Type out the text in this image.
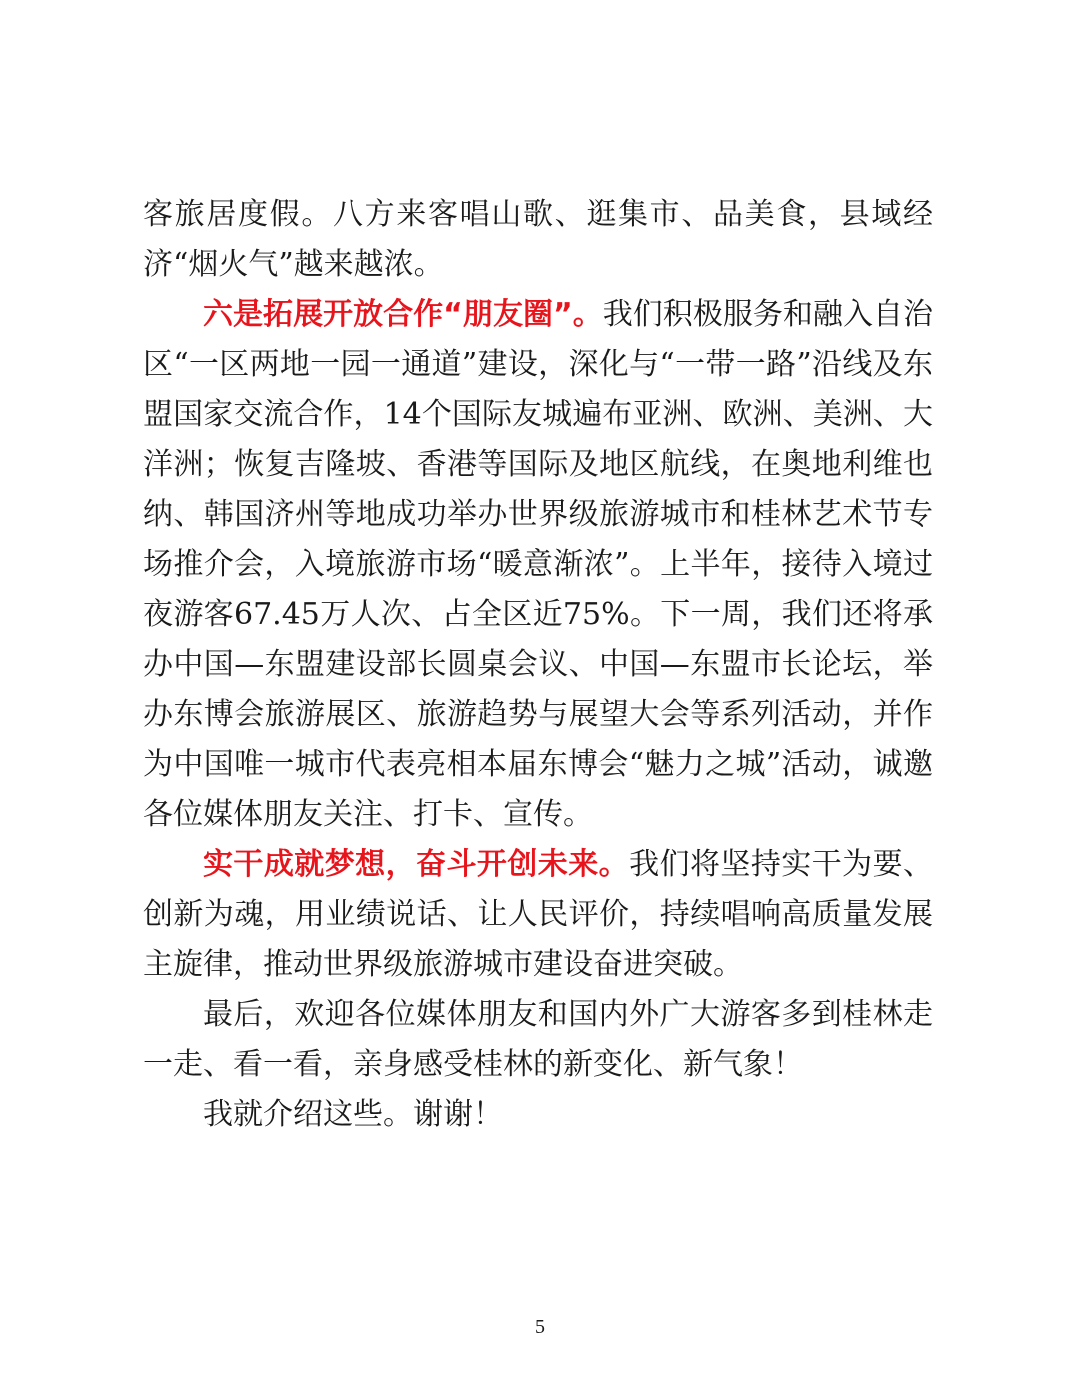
客旅居度假。八方来客唱山歌、逛集市、品美食，县域经济“烟火气”越来越浓。

六是拓展开放合作“朋友圈”。我们积极服务和融入自治区“一区两地一园一通道”建设，深化与“一带一路”沿线及东盟国家交流合作，14个国际友城遍布亚洲、欧洲、美洲、大洋洲；恢复吉隆坡、香港等国际及地区航线，在奥地利维也纳、韩国济州等地成功举办世界级旅游城市和桂林艺术节专场推介会，入境旅游市场“暖意渐浓”。上半年，接待入境过夜游客67.45万人次、占全区近75%。下一周，我们还将承办中国—东盟建设部长圆桌会议、中国—东盟市长论坛，举办东博会旅游展区、旅游趋势与展望大会等系列活动，并作为中国唯一城市代表亮相本届东博会“魅力之城”活动，诚邀各位媒体朋友关注、打卡、宣传。

实干成就梦想，奋斗开创未来。我们将坚持实干为要、创新为魂，用业绩说话、让人民评价，持续唱响高质量发展主旋律，推动世界级旅游城市建设奋进突破。

最后，欢迎各位媒体朋友和国内外广大游客多到桂林走一走、看一看，亲身感受桂林的新变化、新气象！

我就介绍这些。谢谢！

5
